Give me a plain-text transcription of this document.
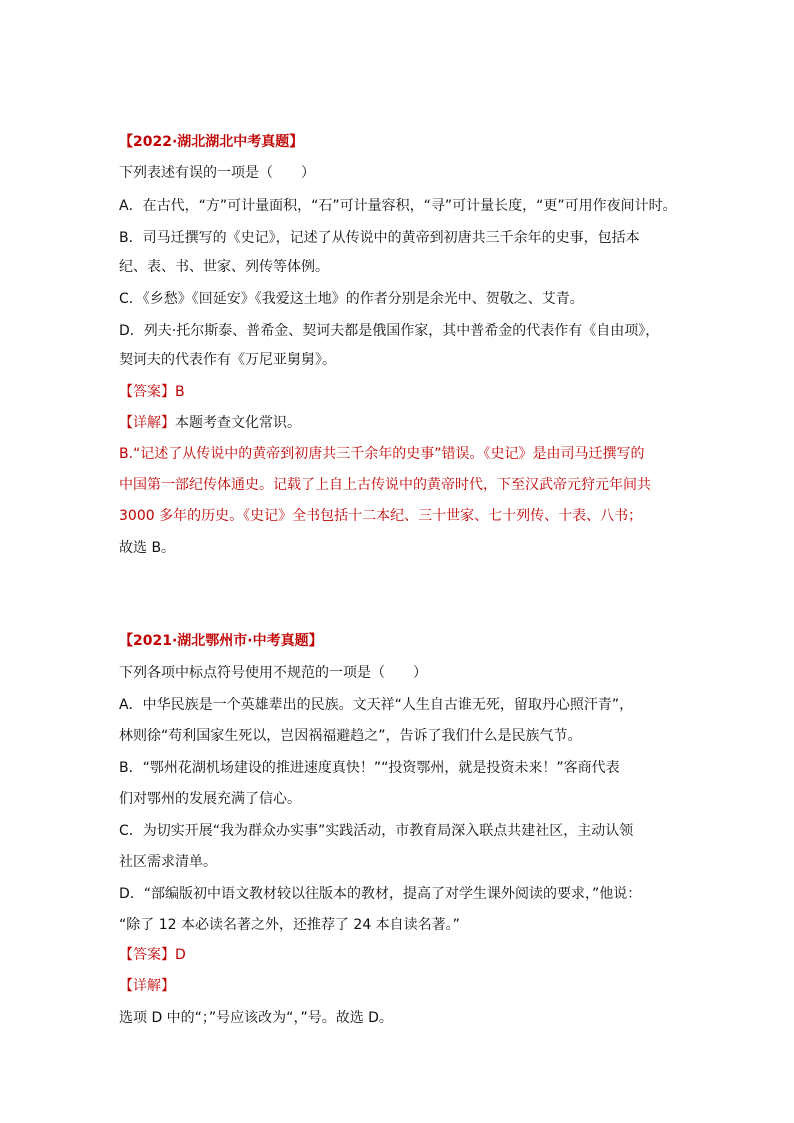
【2022·湖北湖北中考真题】
下列表述有误的一项是（　　）
A．在古代，“方”可计量面积，“石”可计量容积，“寻”可计量长度，“更”可用作夜间计时。
B．司马迁撰写的《史记》，记述了从传说中的黄帝到初唐共三千余年的史事，包括本
纪、表、书、世家、列传等体例。
C．《乡愁》《回延安》《我爱这土地》的作者分别是余光中、贺敬之、艾青。
D．列夫·托尔斯泰、普希金、契诃夫都是俄国作家，其中普希金的代表作有《自由项》，
契诃夫的代表作有《万尼亚舅舅》。
【答案】B
【详解】本题考查文化常识。
B.“记述了从传说中的黄帝到初唐共三千余年的史事”错误。《史记》是由司马迁撰写的
中国第一部纪传体通史。记载了上自上古传说中的黄帝时代，下至汉武帝元狩元年间共
3000 多年的历史。《史记》全书包括十二本纪、三十世家、七十列传、十表、八书；
故选 B。
【2021·湖北鄂州市·中考真题】
下列各项中标点符号使用不规范的一项是（　　）
A．中华民族是一个英雄辈出的民族。文天祥“人生自古谁无死，留取丹心照汗青”，
林则徐“苟利国家生死以，岂因祸福避趋之”，告诉了我们什么是民族气节。
B．“鄂州花湖机场建设的推进速度真快！”“投资鄂州，就是投资未来！”客商代表
们对鄂州的发展充满了信心。
C．为切实开展“我为群众办实事”实践活动，市教育局深入联点共建社区，主动认领
社区需求清单。
D．“部编版初中语文教材较以往版本的教材，提高了对学生课外阅读的要求，”他说：
“除了 12 本必读名著之外，还推荐了 24 本自读名著。”
【答案】D
【详解】
选项 D 中的“；”号应该改为“，”号。故选 D。
